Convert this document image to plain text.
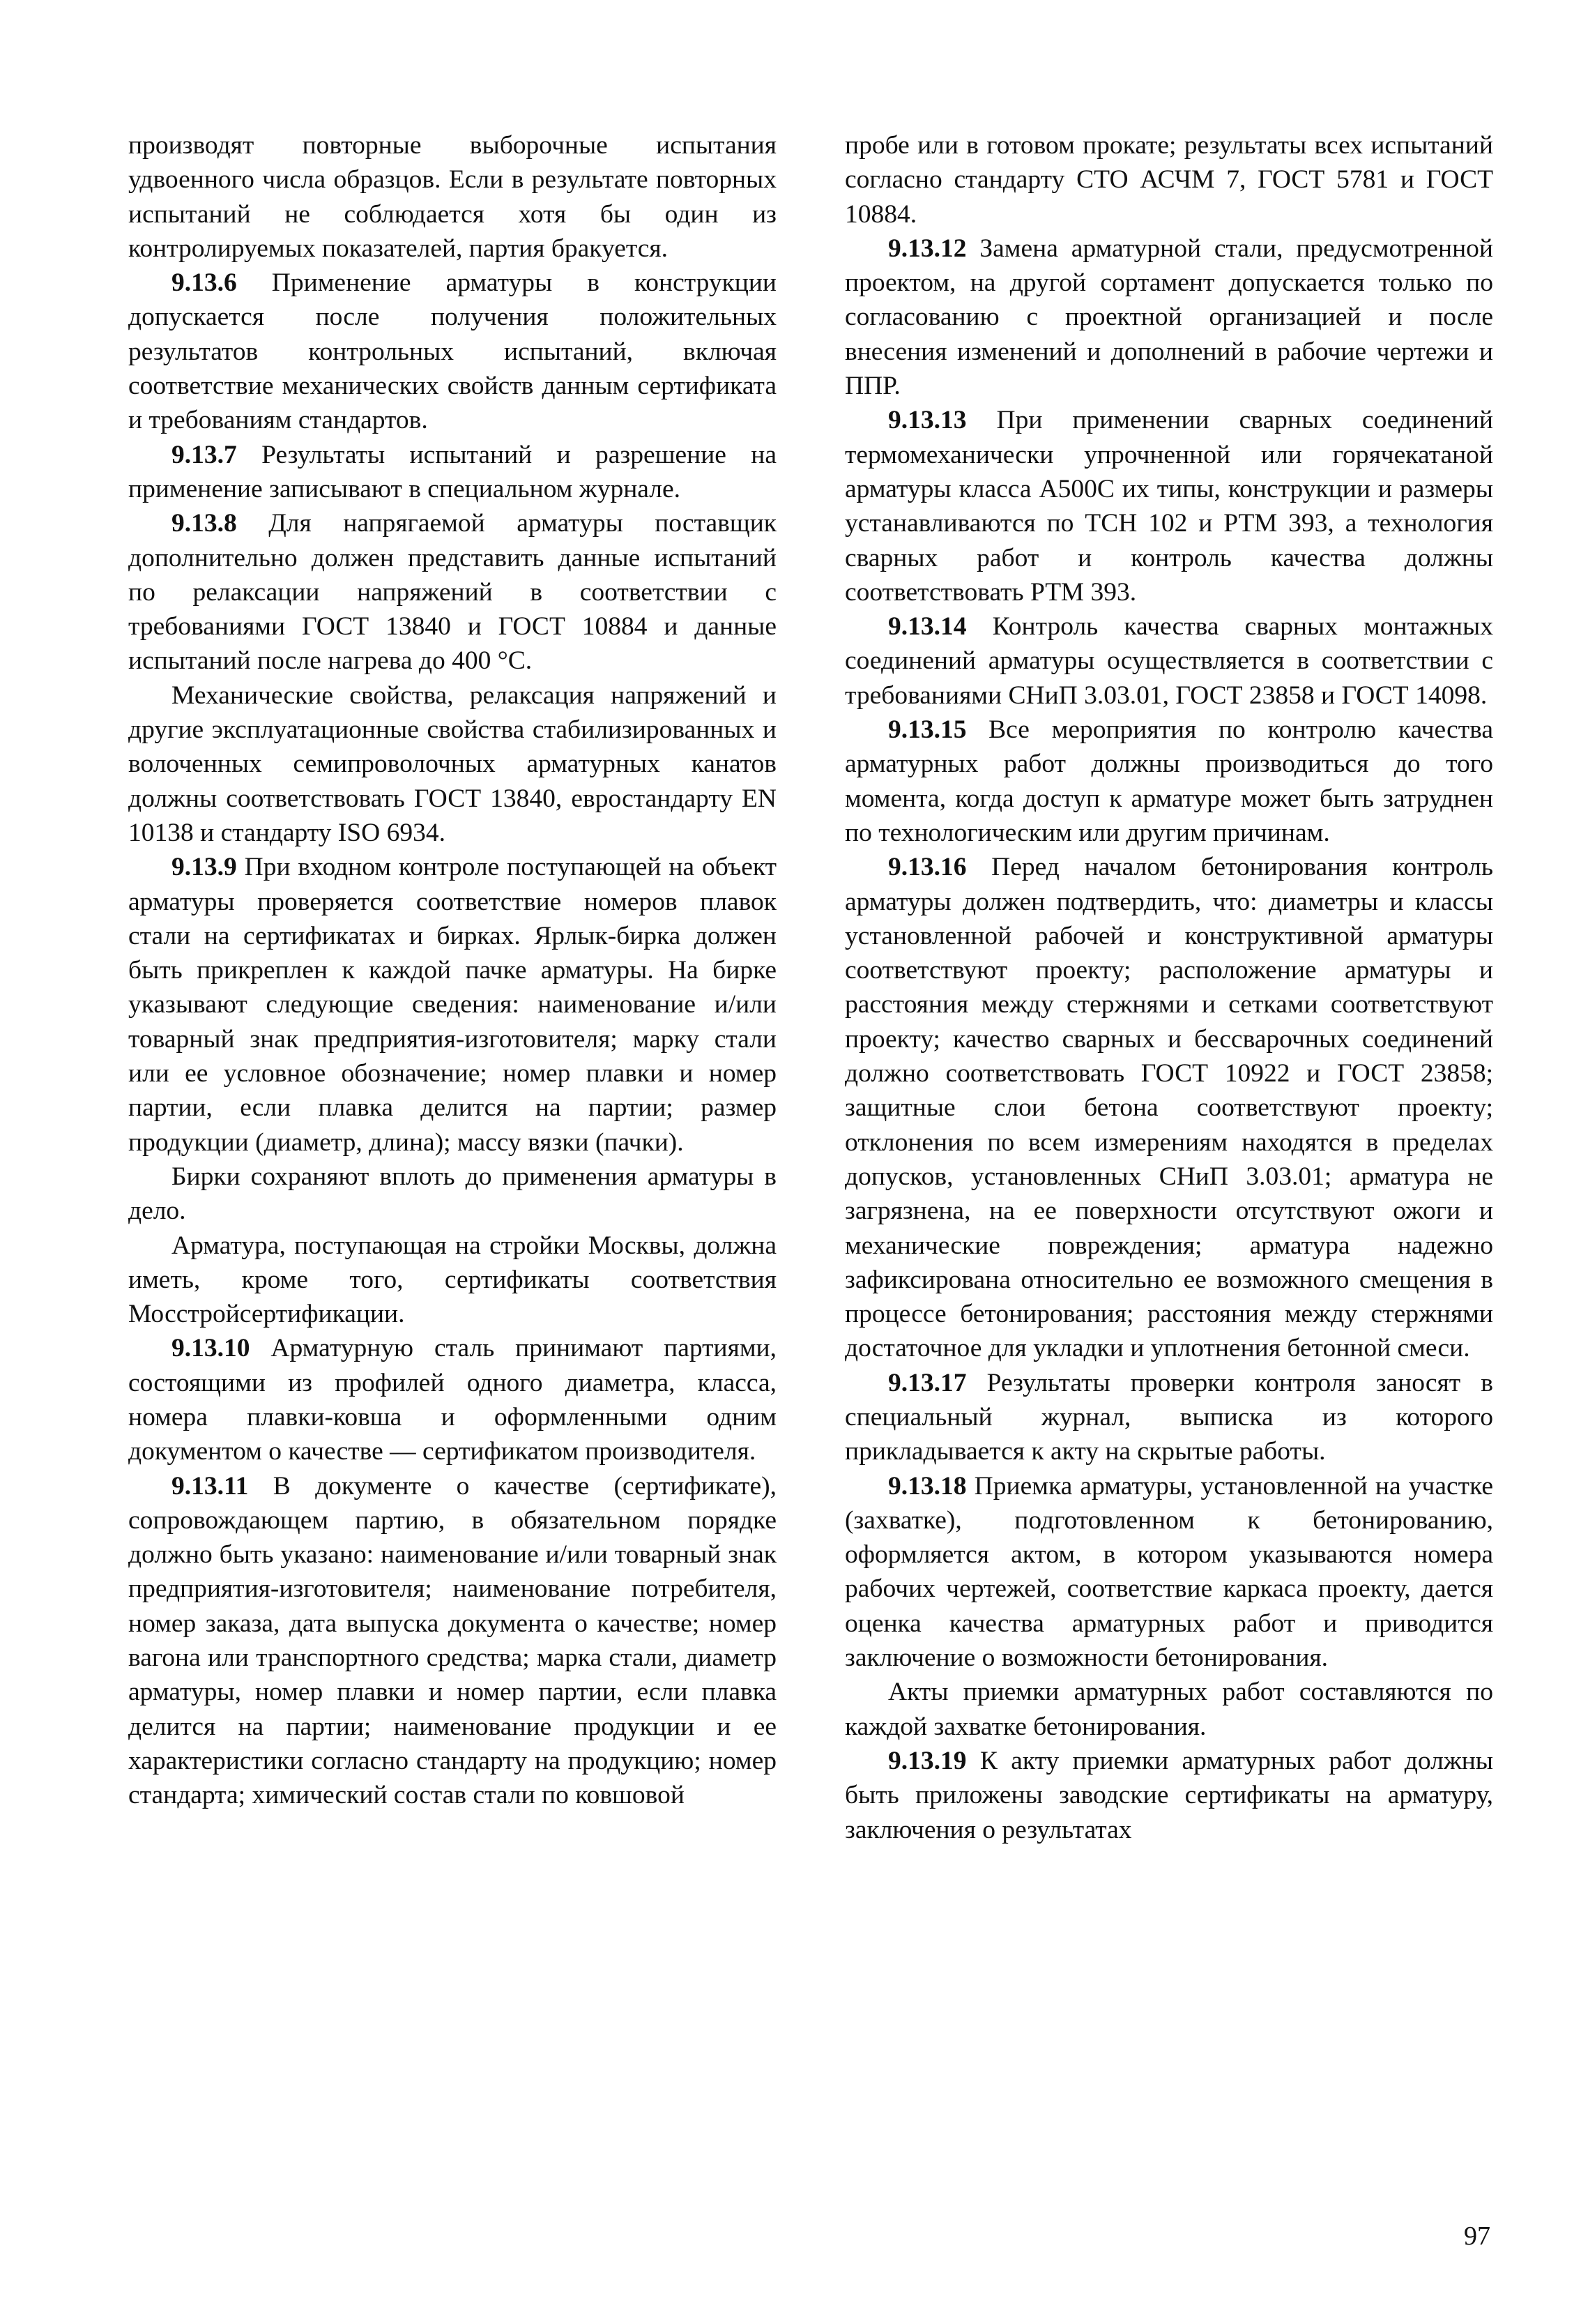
производят повторные выборочные испытания удвоенного числа образцов. Если в результате повторных испытаний не соблюдается хотя бы один из контролируемых показателей, партия бракуется.

9.13.6 Применение арматуры в конструкции допускается после получения положительных результатов контрольных испытаний, включая соответствие механических свойств данным сертификата и требованиям стандартов.

9.13.7 Результаты испытаний и разрешение на применение записывают в специальном журнале.

9.13.8 Для напрягаемой арматуры поставщик дополнительно должен представить данные испытаний по релаксации напряжений в соответствии с требованиями ГОСТ 13840 и ГОСТ 10884 и данные испытаний после нагрева до 400 °С.

Механические свойства, релаксация напряжений и другие эксплуатационные свойства стабилизированных и волоченных семипроволочных арматурных канатов должны соответствовать ГОСТ 13840, евростандарту EN 10138 и стандарту ISO 6934.

9.13.9 При входном контроле поступающей на объект арматуры проверяется соответствие номеров плавок стали на сертификатах и бирках. Ярлык-бирка должен быть прикреплен к каждой пачке арматуры. На бирке указывают следующие сведения: наименование и/или товарный знак предприятия-изготовителя; марку стали или ее условное обозначение; номер плавки и номер партии, если плавка делится на партии; размер продукции (диаметр, длина); массу вязки (пачки).

Бирки сохраняют вплоть до применения арматуры в дело.

Арматура, поступающая на стройки Москвы, должна иметь, кроме того, сертификаты соответствия Мосстройсертификации.

9.13.10 Арматурную сталь принимают партиями, состоящими из профилей одного диаметра, класса, номера плавки-ковша и оформленными одним документом о качестве — сертификатом производителя.

9.13.11 В документе о качестве (сертификате), сопровождающем партию, в обязательном порядке должно быть указано: наименование и/или товарный знак предприятия-изготовителя; наименование потребителя, номер заказа, дата выпуска документа о качестве; номер вагона или транспортного средства; марка стали, диаметр арматуры, номер плавки и номер партии, если плавка делится на партии; наименование продукции и ее характеристики согласно стандарту на продукцию; номер стандарта; химический состав стали по ковшовой

пробе или в готовом прокате; результаты всех испытаний согласно стандарту СТО АСЧМ 7, ГОСТ 5781 и ГОСТ 10884.

9.13.12 Замена арматурной стали, предусмотренной проектом, на другой сортамент допускается только по согласованию с проектной организацией и после внесения изменений и дополнений в рабочие чертежи и ППР.

9.13.13 При применении сварных соединений термомеханически упрочненной или горячекатаной арматуры класса А500С их типы, конструкции и размеры устанавливаются по ТСН 102 и РТМ 393, а технология сварных работ и контроль качества должны соответствовать РТМ 393.

9.13.14 Контроль качества сварных монтажных соединений арматуры осуществляется в соответствии с требованиями СНиП 3.03.01, ГОСТ 23858 и ГОСТ 14098.

9.13.15 Все мероприятия по контролю качества арматурных работ должны производиться до того момента, когда доступ к арматуре может быть затруднен по технологическим или другим причинам.

9.13.16 Перед началом бетонирования контроль арматуры должен подтвердить, что: диаметры и классы установленной рабочей и конструктивной арматуры соответствуют проекту; расположение арматуры и расстояния между стержнями и сетками соответствуют проекту; качество сварных и бессварочных соединений должно соответствовать ГОСТ 10922 и ГОСТ 23858; защитные слои бетона соответствуют проекту; отклонения по всем измерениям находятся в пределах допусков, установленных СНиП 3.03.01; арматура не загрязнена, на ее поверхности отсутствуют ожоги и механические повреждения; арматура надежно зафиксирована относительно ее возможного смещения в процессе бетонирования; расстояния между стержнями достаточное для укладки и уплотнения бетонной смеси.

9.13.17 Результаты проверки контроля заносят в специальный журнал, выписка из которого прикладывается к акту на скрытые работы.

9.13.18 Приемка арматуры, установленной на участке (захватке), подготовленном к бетонированию, оформляется актом, в котором указываются номера рабочих чертежей, соответствие каркаса проекту, дается оценка качества арматурных работ и приводится заключение о возможности бетонирования.

Акты приемки арматурных работ составляются по каждой захватке бетонирования.

9.13.19 К акту приемки арматурных работ должны быть приложены заводские сертификаты на арматуру, заключения о результатах

97
